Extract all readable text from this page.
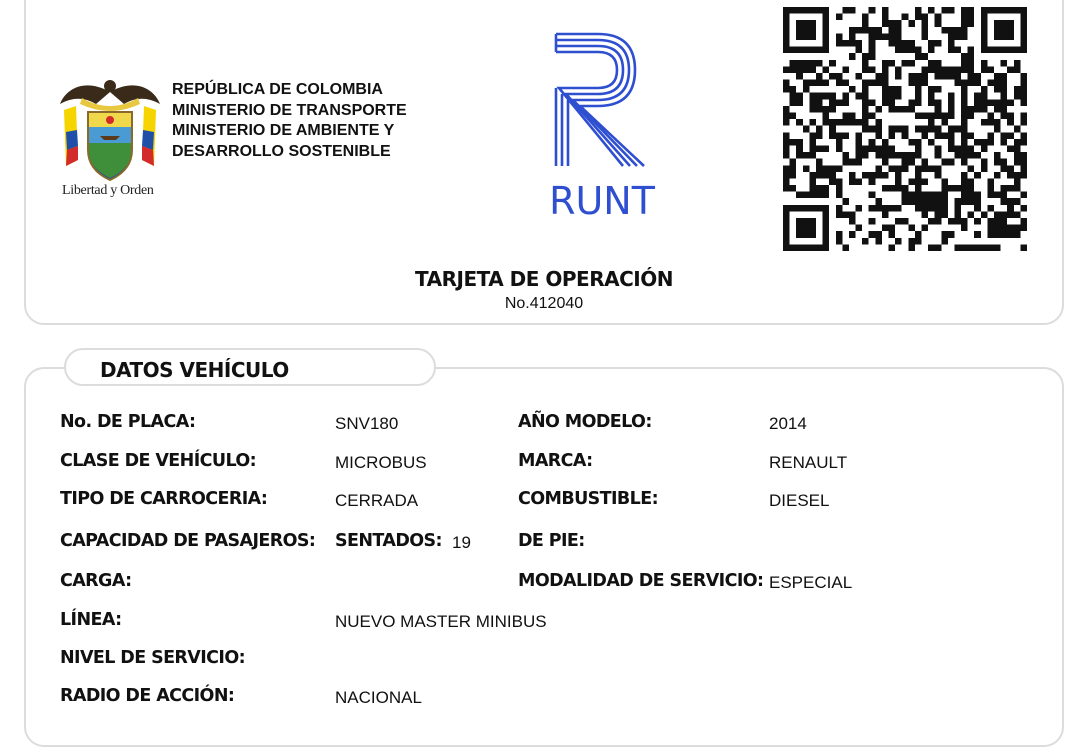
Libertad y Orden
REPÚBLICA DE COLOMBIA
MINISTERIO DE TRANSPORTE
MINISTERIO DE AMBIENTE Y
DESARROLLO SOSTENIBLE
RUNT
TARJETA DE OPERACIÓN
No.412040
DATOS VEHÍCULO
No. DE PLACA:	SNV180	AÑO MODELO:	2014
CLASE DE VEHÍCULO:	MICROBUS	MARCA:	RENAULT
TIPO DE CARROCERIA:	CERRADA	COMBUSTIBLE:	DIESEL
CAPACIDAD DE PASAJEROS: SENTADOS: 19	DE PIE:
CARGA:	MODALIDAD DE SERVICIO: ESPECIAL
LÍNEA:	NUEVO MASTER MINIBUS
NIVEL DE SERVICIO:
RADIO DE ACCIÓN:	NACIONAL
